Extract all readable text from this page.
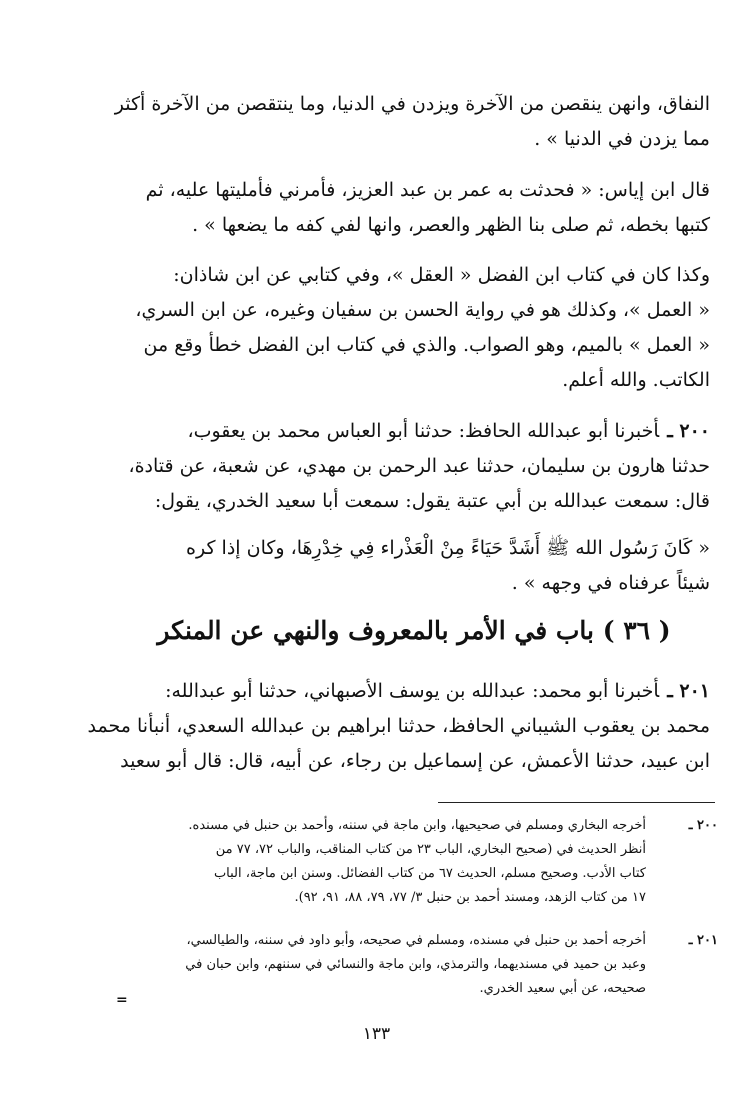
النفاق، وانهن ينقصن من الآخرة ويزدن في الدنيا، وما ينتقصن من الآخرة أكثر
مما يزدن في الدنيا » .
قال ابن إياس: « فحدثت به عمر بن عبد العزيز، فأمرني فأمليتها عليه، ثم
كتبها بخطه، ثم صلى بنا الظهر والعصر، وانها لفي كفه ما يضعها » .
وكذا كان في كتاب ابن الفضل « العقل »، وفي كتابي عن ابن شاذان:
« العمل »، وكذلك هو في رواية الحسن بن سفيان وغيره، عن ابن السري،
« العمل » بالميم، وهو الصواب. والذي في كتاب ابن الفضل خطأ وقع من
الكاتب. والله أعلم.
٢٠٠ ـأخبرنا أبو عبدالله الحافظ: حدثنا أبو العباس محمد بن يعقوب،
حدثنا هارون بن سليمان، حدثنا عبد الرحمن بن مهدي، عن شعبة، عن قتادة،
قال: سمعت عبدالله بن أبي عتبة يقول: سمعت أبا سعيد الخدري، يقول:
« كَانَ رَسُول الله ﷺ أَشَدَّ حَيَاءً مِنْ الْعَذْراء فِي خِدْرِهَا، وكان إذا كره
شيئاً عرفناه في وجهه » .
( ٣٦ ) باب في الأمر بالمعروف والنهي عن المنكر
٢٠١ ـأخبرنا أبو محمد: عبدالله بن يوسف الأصبهاني، حدثنا أبو عبدالله:
محمد بن يعقوب الشيباني الحافظ، حدثنا ابراهيم بن عبدالله السعدي، أنبأنا محمد
ابن عبيد، حدثنا الأعمش، عن إسماعيل بن رجاء، عن أبيه، قال: قال أبو سعيد
٢٠٠ ـ
أخرجه البخاري ومسلم في صحيحيها، وابن ماجة في سننه، وأحمد بن حنبل في مسنده.
أنظر الحديث في (صحيح البخاري، الباب ٢٣ من كتاب المناقب، والباب ٧٢، ٧٧ من
كتاب الأدب. وصحيح مسلم، الحديث ٦٧ من كتاب الفضائل. وسنن ابن ماجة، الباب
١٧ من كتاب الزهد، ومسند أحمد بن حنبل ٣/ ٧٧، ٧٩، ٨٨، ٩١، ٩٢).
٢٠١ ـ
أخرجه أحمد بن حنبل في مسنده، ومسلم في صحيحه، وأبو داود في سننه، والطيالسي،
وعبد بن حميد في مسنديهما، والترمذي، وابن ماجة والنسائي في سننهم، وابن حبان في
صحيحه، عن أبي سعيد الخدري.
=
١٣٣
